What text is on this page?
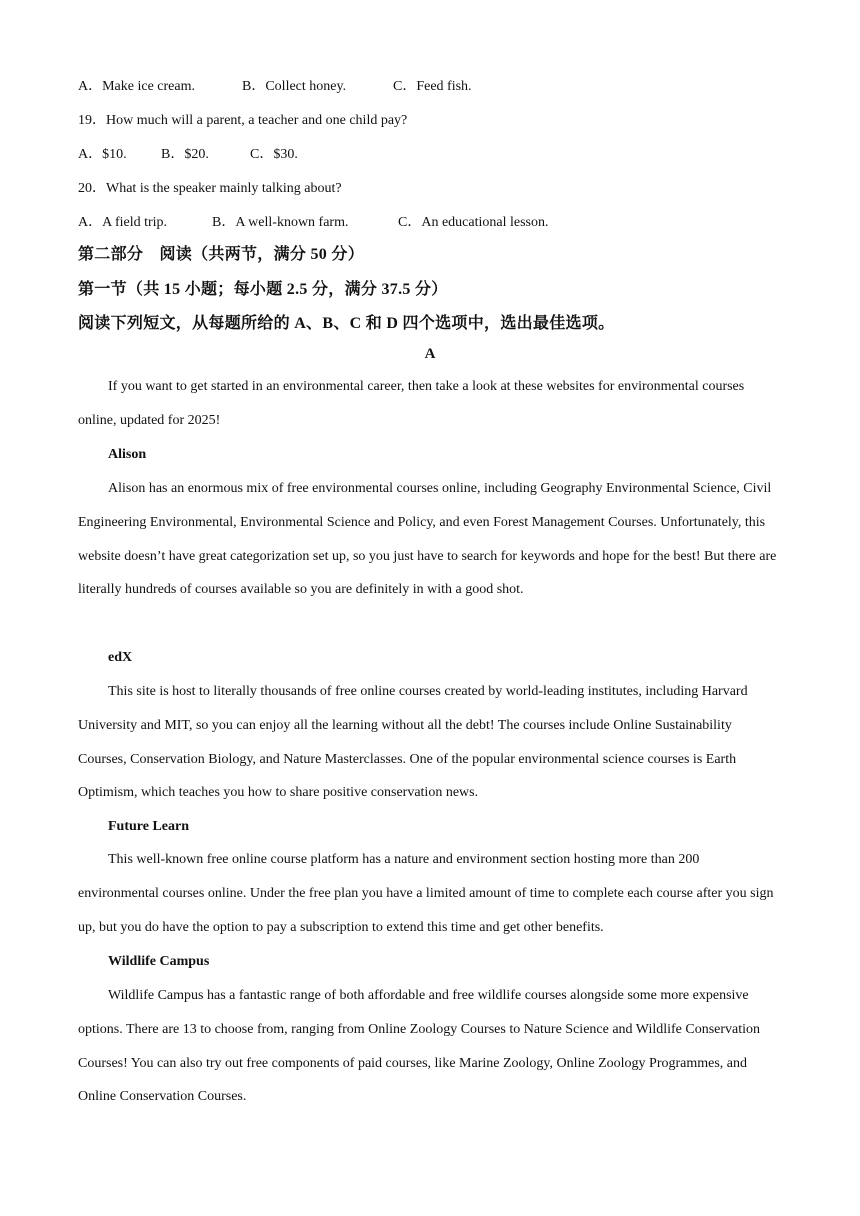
A．Make ice cream.	B．Collect honey.	C．Feed fish.
19．How much will a parent, a teacher and one child pay?
A．$10. B．$20.	C．$30.
20．What is the speaker mainly talking about?
A．A field trip.	B．A well-known farm.	C．An educational lesson.
第二部分　阅读（共两节，满分 50 分）
第一节（共 15 小题；每小题 2.5 分，满分 37.5 分）
阅读下列短文，从每题所给的 A、B、C 和 D 四个选项中，选出最佳选项。
A

If you want to get started in an environmental career, then take a look at these websites for environmental courses online, updated for 2025!

Alison

Alison has an enormous mix of free environmental courses online, including Geography Environmental Science, Civil Engineering Environmental, Environmental Science and Policy, and even Forest Management Courses. Unfortunately, this website doesn’t have great categorization set up, so you just have to search for keywords and hope for the best! But there are literally hundreds of courses available so you are definitely in with a good shot.

edX

This site is host to literally thousands of free online courses created by world-leading institutes, including Harvard University and MIT, so you can enjoy all the learning without all the debt! The courses include Online Sustainability Courses, Conservation Biology, and Nature Masterclasses. One of the popular environmental science courses is Earth Optimism, which teaches you how to share positive conservation news.

Future Learn

This well-known free online course platform has a nature and environment section hosting more than 200 environmental courses online. Under the free plan you have a limited amount of time to complete each course after you sign up, but you do have the option to pay a subscription to extend this time and get other benefits.

Wildlife Campus

Wildlife Campus has a fantastic range of both affordable and free wildlife courses alongside some more expensive options. There are 13 to choose from, ranging from Online Zoology Courses to Nature Science and Wildlife Conservation Courses! You can also try out free components of paid courses, like Marine Zoology, Online Zoology Programmes, and Online Conservation Courses.
